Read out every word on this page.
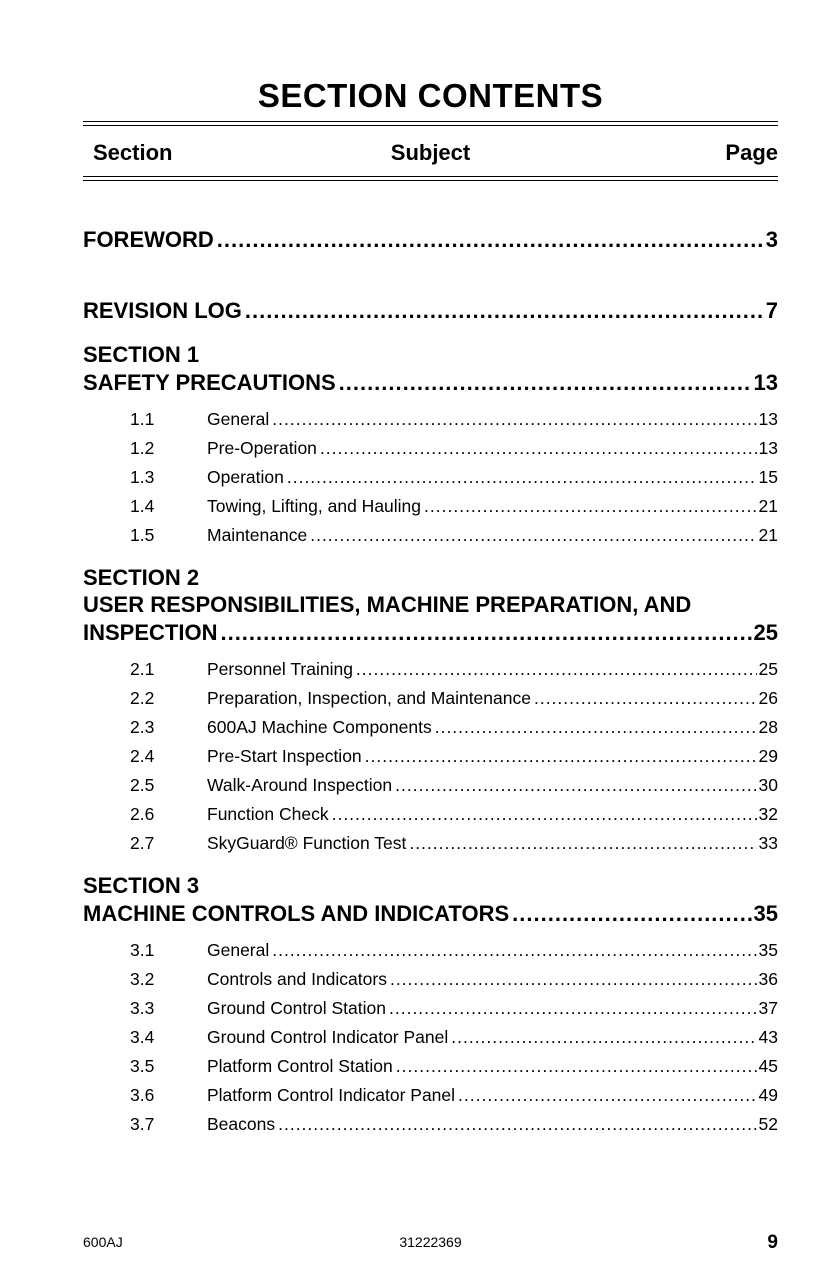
SECTION CONTENTS
Section	Subject	Page
FOREWORD .....	3
REVISION LOG .....	7
SECTION 1
SAFETY PRECAUTIONS .....	13
1.1	General .....	13
1.2	Pre-Operation .....	13
1.3	Operation .....	15
1.4	Towing, Lifting, and Hauling .....	21
1.5	Maintenance .....	21
SECTION 2
USER RESPONSIBILITIES, MACHINE PREPARATION, AND
INSPECTION .....	25
2.1	Personnel Training .....	25
2.2	Preparation, Inspection, and Maintenance .....	26
2.3	600AJ Machine Components .....	28
2.4	Pre-Start Inspection .....	29
2.5	Walk-Around Inspection .....	30
2.6	Function Check .....	32
2.7	SkyGuard® Function Test .....	33
SECTION 3
MACHINE CONTROLS AND INDICATORS .....	35
3.1	General .....	35
3.2	Controls and Indicators .....	36
3.3	Ground Control Station .....	37
3.4	Ground Control Indicator Panel .....	43
3.5	Platform Control Station .....	45
3.6	Platform Control Indicator Panel .....	49
3.7	Beacons .....	52
600AJ	31222369	9
